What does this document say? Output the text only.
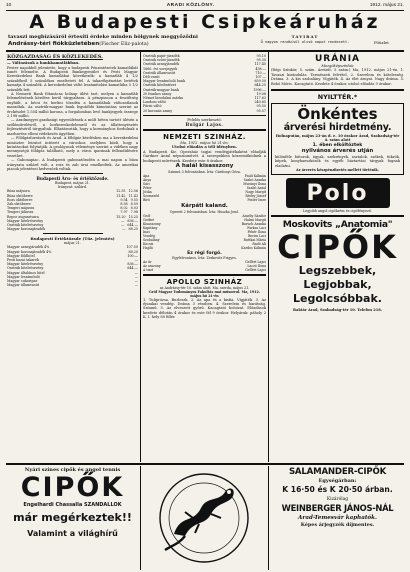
10	ARADI KÖZLÖNY.	1912. május 21.
A Budapesti Csipkeáruház
tavaszi megbízásáról értesíti érdeke minden bölgynek meggyőződni
Andrássy-téri fiókküzletében(Fischer Eliz-palota)
TAVIRAT
Ő nagyon rendkívül olcsó napot rendezett.	Főüzlet
KÖZGAZDASÁG ÉS KÖZLEKEDÉS.
— Változások a bankkamatlábban.
Pester napokból jelentette, hogy a budapesti Pénzintézetek kamatlábát ismét felemelte. A Budapesti Bankegyesület és Pesti Magyar Kereskedelmi Bank kamatlábai következők: a kamatláb 4 1/2 százalékról 5 százalékra emeltetett fel. A takarékpénztári betétek kamatja 4 százalék. A kereskedelmi váltó leszámítolási kamatlába 5 1/2 százalék lett.
A Nemzeti Bank főtanácsa holnap ülést tart, melyen a kamatláb felemelésének kérdése kerül tárgyalásra. A pénzpiacon a feszültség enyhült, a bécsi és berlini tőzsdén a kamatlábak változatlanok maradtak. Az osztrák-magyar bank legutóbbi kimutatása szerint az érckészlet 1.554 millió korona, a forgalomban levő bankjegyek összege 2.198 millió.
— Aradmegyei gazdasági egyesületnek a múlt héten tartott ülésén a szőlőművelésről, a borkereskedelemről és az állattenyésztés fejlesztéséről tárgyaltak. Elhatározták, hogy a kormányhoz fordulnak a marhavész elleni védekezés ügyében.
— Földgázforrások és Arad. A főldgáz kérdésben ma a kereskedelmi miniszter leiratot intézett a városhoz, melyben közli, hogy a kutatásokat folytatják. A geológusok véleménye szerint a vidéken nagy mennyiségű földgáz található, mely a város iparának fellendülésére vezethet.
— Gabonapiac. A budapesti gabonatőzsdén a mai napon a búza irányzata szilárd volt, a rozs és zab árai emelkedtek. Az amerikai piacok jelentései kedvezőek voltak.
Budapesti Áru- és értéktőzsde.
Budapest, május 21.
Irányzat: szilárd.
Búza májusra	12.55 12.56
Búza októberre	11.42 11.43
Rozs októberre	9.54 9.55
Zab októberre	8.58 8.59
Tengeri májusra	8.02 8.03
Tengeri júliusra	7.97 7.98
Repce augusztusra	15.20 15.25
Magyar hitelrészvény	— 836.—
Osztrák hitelrészvény	— 644.—
Magyar koronajáradék	— 88.25
Budapesti Értéktőzsde (Tőz. jelentés)
május 21.
Magyar aranyjáradék 4%	107.50
Magyar koronajáradék 4%	88.20
Magyar földhitel	100.—
Pesti hazai takarék	—
Magyar hitelrészvény	836.—
Osztrák hitelrészvény	644.—
Magyar általános hitel	—
Magyar leszámítoló	—
Magyar cukoripar	—
Magyar államvasút	—
Osztrák papír-járadék	95.10
Osztrák ezüst-járadék	95.30
Osztrák aranyjáradék	117.45
1860. évi sorsjegyek	458.—
Osztrák államvasút	710.—
Déli vasút	107.—
Magyar leszámítoló bank	659.50
Osztrák hitelintézet	644.25
Osztrák-magyar bank	1996.—
20 frankos arany	19.08
Német birodalmi márka	117.63
Londoni váltó	240.65
Párisi váltó	95.50
20 koronás arany	95.57
Felelős szerkesztő:
Bulgár Lajos.
NEMZETI SZINHÁZ.
Ma, 1912. május hó 21-én:
Utolsó előadás a téli idényben.
A Budapesti Kir. Operaház tagjai vendégjátékaként előadják Gardner Antal népszínművét. A szerepekben közreműködnek a budapesti művészek. Kezdete este 8 órakor.
A halál kisasszony
Színmű 3 felvonásban. Írta: Gárdonyi Géza.
Apa	Pauli Kálmán
Anya	Szabó Aranka
Sári	Murányi Ilona
Péter	Szabó Antal
Jóska	Nagy Margit
Szomszéd	Rédey József
Bíró	Pintér Imre
Kárpáti kaland.
Operett 2 felvonásban. Írta: Huszka Jenő.
Gróf	Ameliy Sándor
Grófné	Halmi Margit
Kisasszony	Baruch Aranka
Kapitány	Farkas Laci
Inas	Fehér Ilona
Vendég	Boriss Laci
Szobalány	Ruttkai Mária
Kocsis	Radó Ali
Hajdú	Kardos Kálmán
Ez régi forgó.
Egyfelvonásos. Írta: Zerkovitz Frigyes.
Az úr	Gellért Lajos
Az asszony	Laczó Ilona
A tiszt	Gellért Lajos
APOLLO SZINHÁZ
az Andrássy-tér 10. szám alatt. Ma, szerda, május 21.
Gróf Magyar Tudományos Fakultás mai műsorral. Ma, 1912. május hó 21-én
1. Tuliprózsa. Burleszk. 2. Az apa és a kisfia. Vígjáték. 3. Az éjszakai vendég. Dráma 3 részben. 4. Szerelem és barátság. Színmű. 5. Az elveszett gyűrű. Kacagtató bohózat. Előadások kezdete délután 4 órakor és este fél 9 órakor. Helyárak: páholy 2 K, I. hely 80 fillér.
URÁNIA
Mozgóképszínház
(Régi Színkör, 5. szám. Árvízút, 5 szám.) Ma, 1912. május 21-én. 1. Tavaszi kirándulás. Természeti felvétel. 2. Szerelem és kötelesség. Dráma. 3. A kis szobalány. Vígjáték. 4. Az élet árnyai. Nagy dráma. 5. Bohó Móric. Kacagtató. Kezdete 4 órakor, utolsó előadás 9 órakor.
NYILTTÉR.*
Önkéntes
árverési hirdetmény.
Holnapután, május 23-án d. e. 10 órakor Árad, Szabadság-tér 4. szám alatt
1. ében elköltöztek
nyilvános árverés utján
különféle bútorok, ágyak, szekrények, asztalok, székek, tükrök, képek, konyhaeszközök és egyéb háztartási tárgyak fognak eladatni.
Az árverés készpénzfizetés mellett történik.
Polo
Legjobb angol cipőkrém és cipőfényező.
Moskovits „Anatomia"
CIPŐK
Legszebbek,
Legjobbak,
Legolcsóbbak.
Raktár Arad, Szabadság-tér 10. Telefon 218.
Nyári színes cipők és angol tennis
CIPŐK
Engelhardi Chassalla SZANDALLOK
már megérkeztek!!
Valamint a világhírű
SALAMANDER-CIPŐK
Egységárban:
K 16·50 és K 20·50 árban.
Kizárólag
WEINBERGER JÁNOS-NÁL
Arad-Temesvár kaphatók.
Képes árjegyzék díjmentes.
